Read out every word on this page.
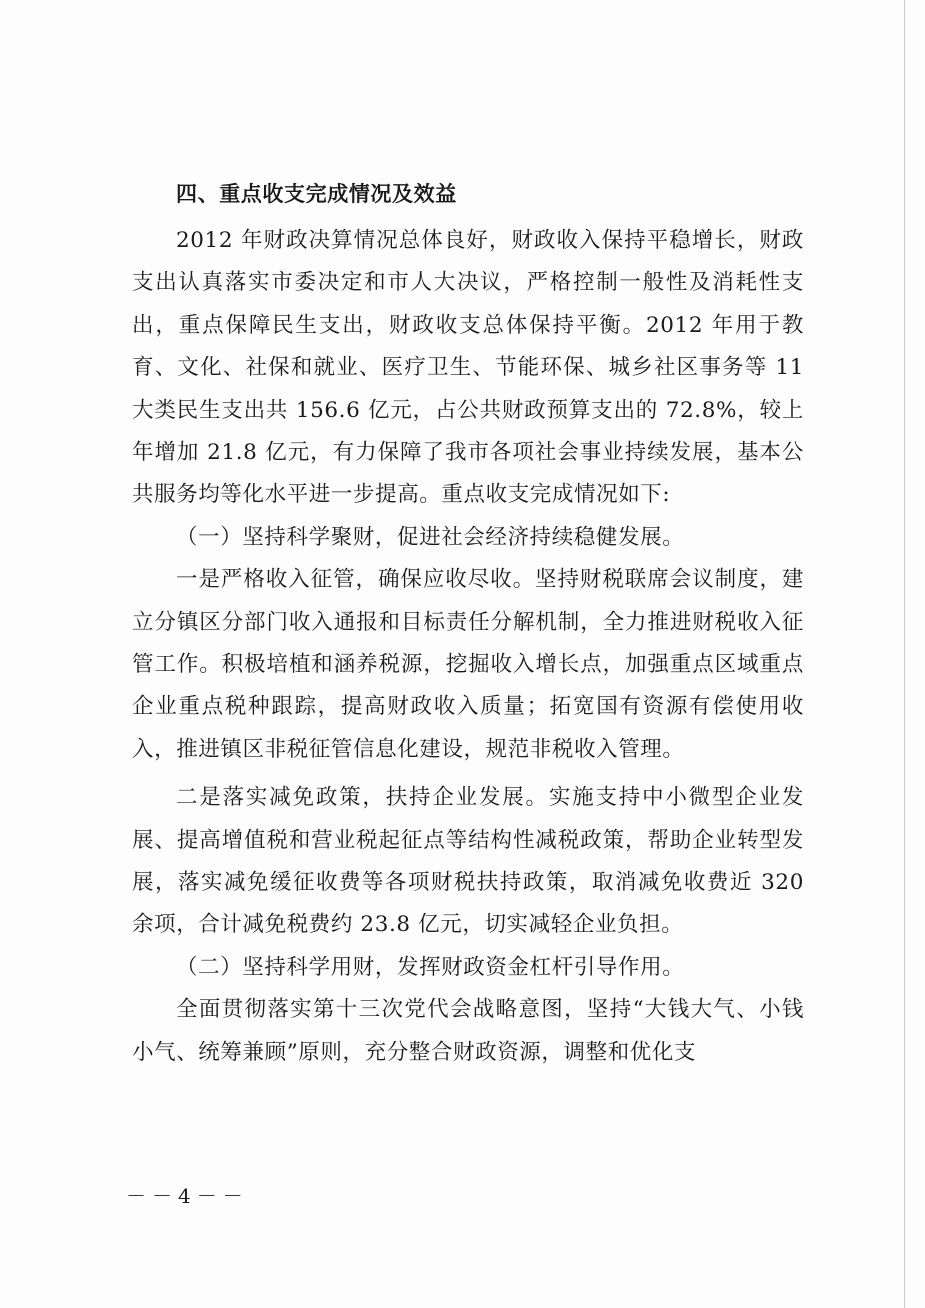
四、重点收支完成情况及效益

2012 年财政决算情况总体良好，财政收入保持平稳增长，财政支出认真落实市委决定和市人大决议，严格控制一般性及消耗性支出，重点保障民生支出，财政收支总体保持平衡。2012 年用于教育、文化、社保和就业、医疗卫生、节能环保、城乡社区事务等 11 大类民生支出共 156.6 亿元，占公共财政预算支出的 72.8%，较上年增加 21.8 亿元，有力保障了我市各项社会事业持续发展，基本公共服务均等化水平进一步提高。重点收支完成情况如下:

（一）坚持科学聚财，促进社会经济持续稳健发展。

一是严格收入征管，确保应收尽收。坚持财税联席会议制度，建立分镇区分部门收入通报和目标责任分解机制，全力推进财税收入征管工作。积极培植和涵养税源，挖掘收入增长点，加强重点区域重点企业重点税种跟踪，提高财政收入质量；拓宽国有资源有偿使用收入，推进镇区非税征管信息化建设，规范非税收入管理。

二是落实减免政策，扶持企业发展。实施支持中小微型企业发展、提高增值税和营业税起征点等结构性减税政策，帮助企业转型发展，落实减免缓征收费等各项财税扶持政策，取消减免收费近 320 余项，合计减免税费约 23.8 亿元，切实减轻企业负担。

（二）坚持科学用财，发挥财政资金杠杆引导作用。

全面贯彻落实第十三次党代会战略意图，坚持“大钱大气、小钱小气、统筹兼顾”原则，充分整合财政资源，调整和优化支

－－4－－
